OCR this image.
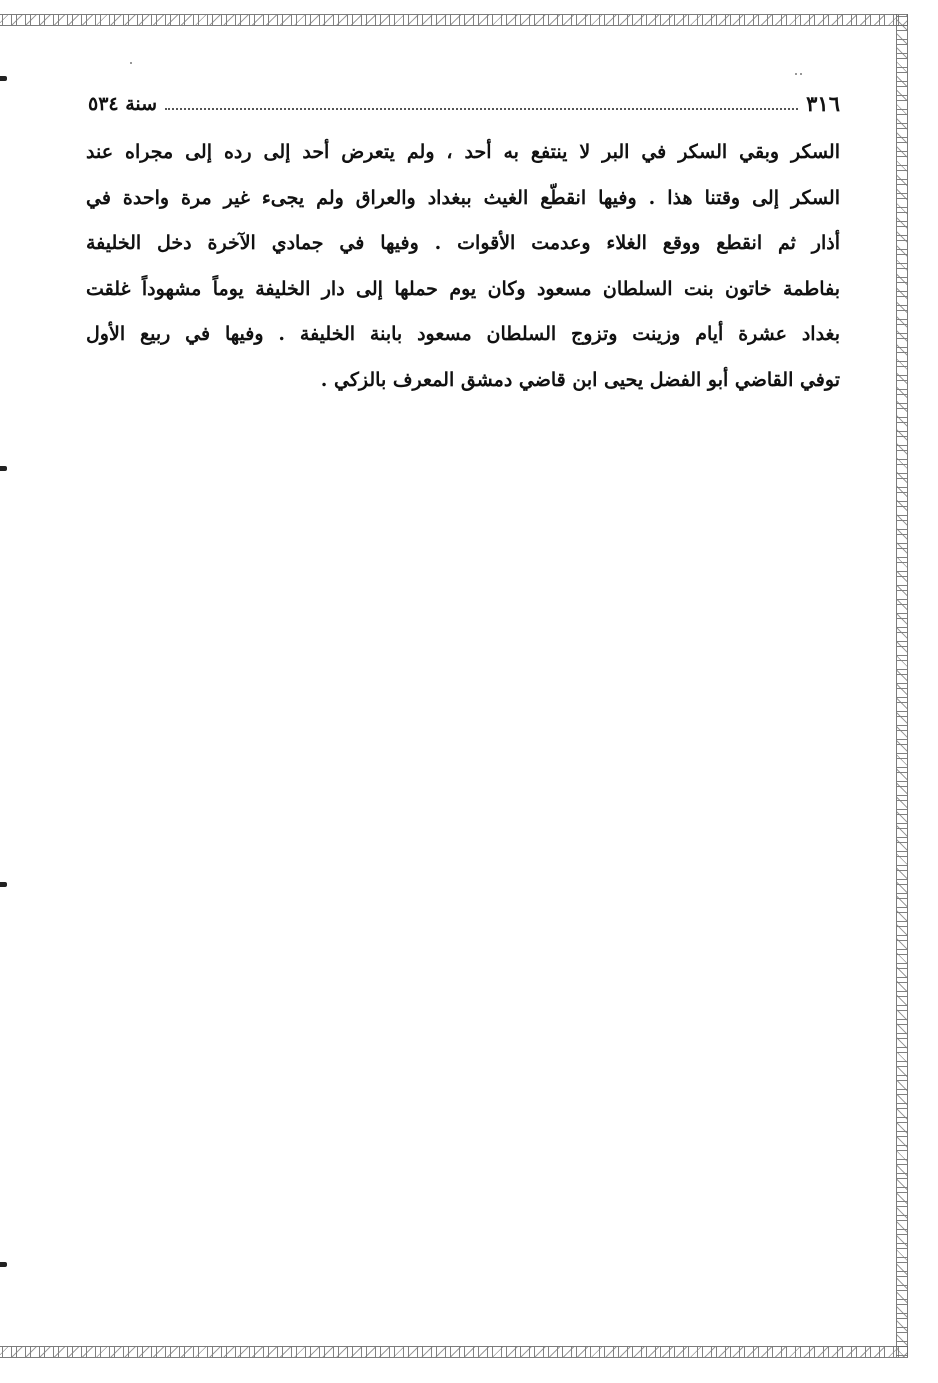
٣١٦
سنة ٥٣٤
السكر وبقي السكر في البر لا ينتفع به أحد ، ولم يتعرض أحد إلى رده إلى مجراه عند
السكر إلى وقتنا هذا . وفيها انقطّع الغيث ببغداد والعراق ولم يجىء غير مرة واحدة في
أذار ثم انقطع ووقع الغلاء وعدمت الأقوات . وفيها في جمادي الآخرة دخل الخليفة
بفاطمة خاتون بنت السلطان مسعود وكان يوم حملها إلى دار الخليفة يوماً مشهوداً غلقت
بغداد عشرة أيام وزينت وتزوج السلطان مسعود بابنة الخليفة . وفيها في ربيع الأول
توفي القاضي أبو الفضل يحيى ابن قاضي دمشق المعرف بالزكي .
